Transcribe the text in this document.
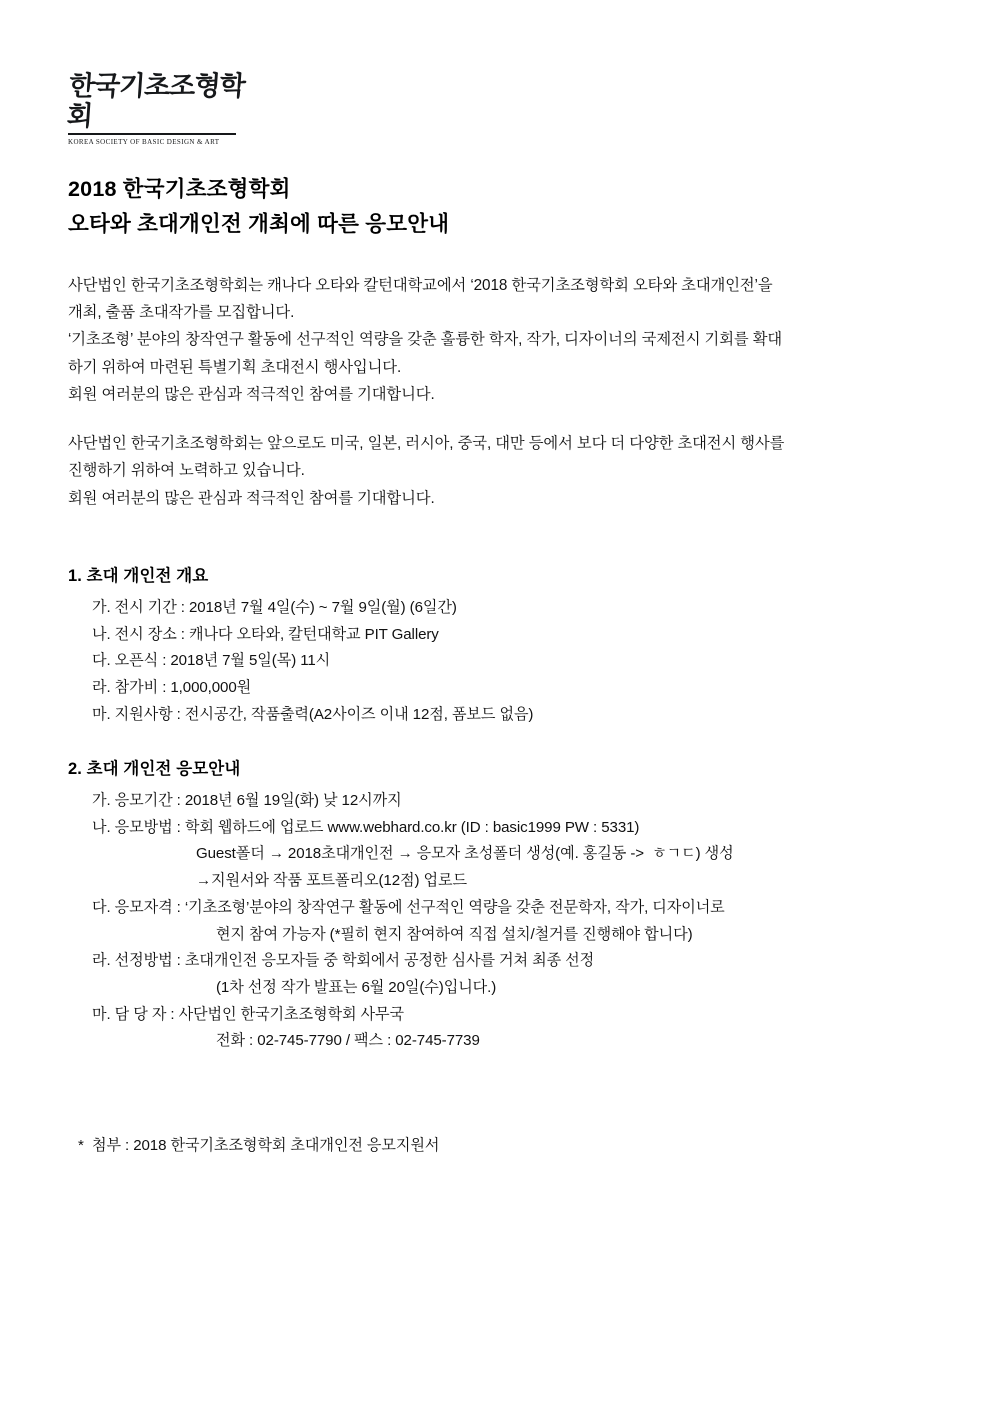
한국기초조형학회
KOREA SOCIETY OF BASIC DESIGN & ART
2018 한국기초조형학회
오타와 초대개인전 개최에 따른 응모안내

사단법인 한국기초조형학회는 캐나다 오타와 칼턴대학교에서 ‘2018 한국기초조형학회 오타와 초대개인전’을

개최, 출품 초대작가를 모집합니다.

‘기초조형’ 분야의 창작연구 활동에 선구적인 역량을 갖춘 훌륭한 학자, 작가, 디자이너의 국제전시 기회를 확대

하기 위하여 마련된 특별기획 초대전시 행사입니다.

회원 여러분의 많은 관심과 적극적인 참여를 기대합니다.

사단법인 한국기초조형학회는 앞으로도 미국, 일본, 러시아, 중국, 대만 등에서 보다 더 다양한 초대전시 행사를

진행하기 위하여 노력하고 있습니다.

회원 여러분의 많은 관심과 적극적인 참여를 기대합니다.

1. 초대 개인전 개요
가. 전시 기간 : 2018년 7월 4일(수) ~ 7월 9일(월) (6일간)
나. 전시 장소 : 캐나다 오타와, 칼턴대학교 PIT Gallery
다. 오픈식 : 2018년 7월 5일(목) 11시
라. 참가비 : 1,000,000원
마. 지원사항 : 전시공간, 작품출력(A2사이즈 이내 12점, 폼보드 없음)
2. 초대 개인전 응모안내
가. 응모기간 : 2018년 6월 19일(화) 낮 12시까지
나. 응모방법 : 학회 웹하드에 업로드 www.webhard.co.kr (ID : basic1999 PW : 5331)
Guest폴더 → 2018초대개인전 → 응모자 초성폴더 생성(예. 홍길동 ->  ㅎㄱㄷ) 생성
→지원서와 작품 포트폴리오(12점) 업로드
다. 응모자격 : ‘기초조형’분야의 창작연구 활동에 선구적인 역량을 갖춘 전문학자, 작가, 디자이너로
현지 참여 가능자 (*필히 현지 참여하여 직접 설치/철거를 진행해야 합니다)
라. 선정방법 : 초대개인전 응모자들 중 학회에서 공정한 심사를 거쳐 최종 선정
(1차 선정 작가 발표는 6월 20일(수)입니다.)
마. 담 당 자 : 사단법인 한국기초조형학회 사무국
전화 : 02-745-7790 / 팩스 : 02-745-7739
*  첨부 : 2018 한국기초조형학회 초대개인전 응모지원서
